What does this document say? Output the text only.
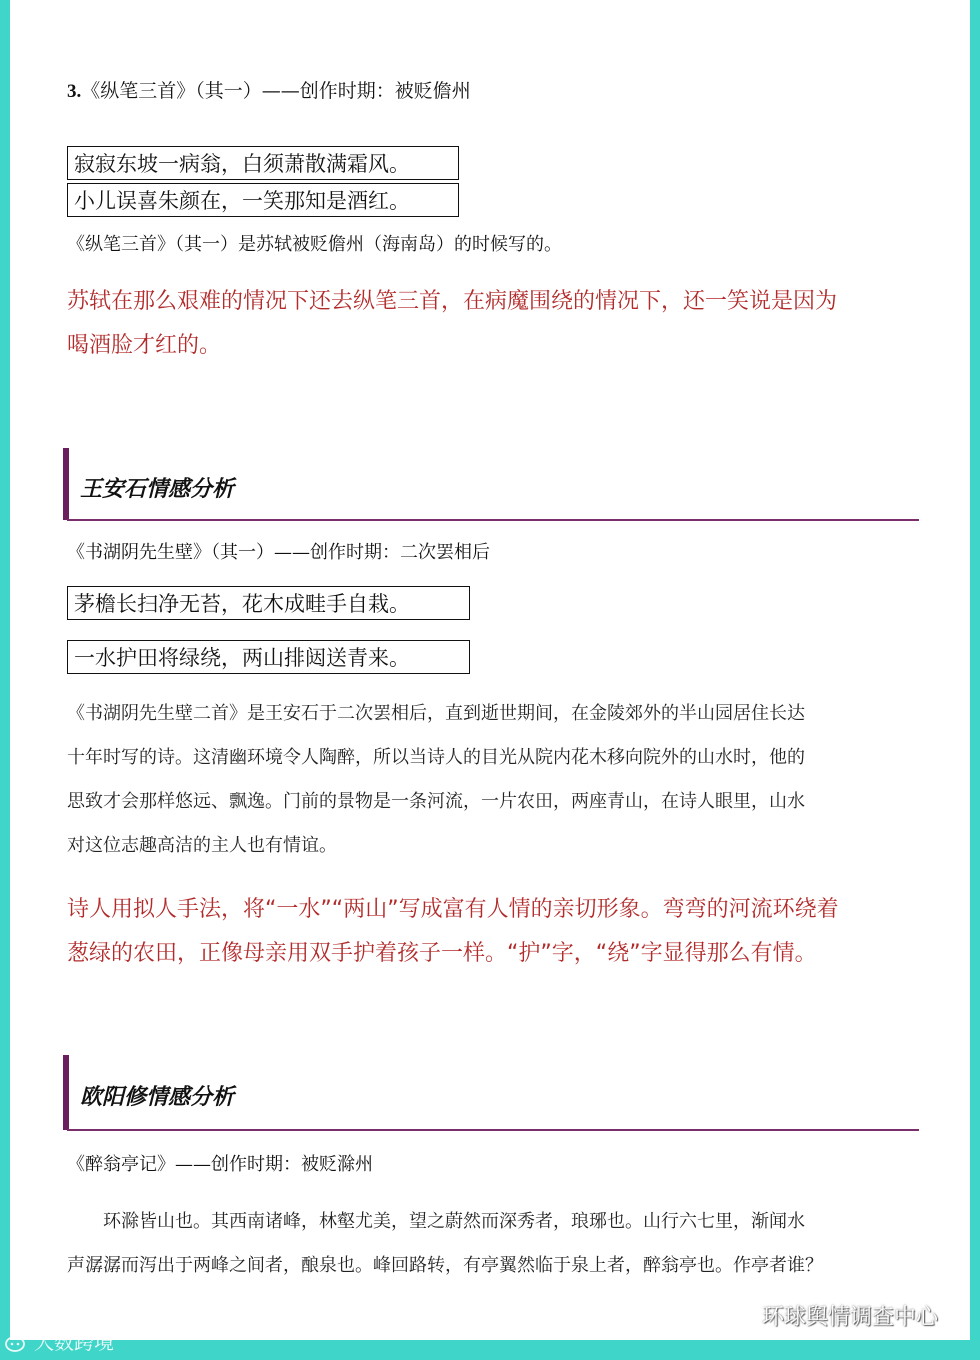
3.《纵笔三首》（其一）——创作时期：被贬儋州
寂寂东坡一病翁，白须萧散满霜风。
小儿误喜朱颜在，一笑那知是酒红。
《纵笔三首》（其一）是苏轼被贬儋州（海南岛）的时候写的。
苏轼在那么艰难的情况下还去纵笔三首，在病魔围绕的情况下，还一笑说是因为
喝酒脸才红的。
王安石情感分析
《书湖阴先生壁》（其一）——创作时期：二次罢相后
茅檐长扫净无苔，花木成畦手自栽。
一水护田将绿绕，两山排闼送青来。
《书湖阴先生壁二首》是王安石于二次罢相后，直到逝世期间，在金陵郊外的半山园居住长达
十年时写的诗。这清幽环境令人陶醉，所以当诗人的目光从院内花木移向院外的山水时，他的
思致才会那样悠远、飘逸。门前的景物是一条河流，一片农田，两座青山，在诗人眼里，山水
对这位志趣高洁的主人也有情谊。
诗人用拟人手法，将“一水”“两山”写成富有人情的亲切形象。弯弯的河流环绕着
葱绿的农田，正像母亲用双手护着孩子一样。“护”字，“绕”字显得那么有情。
欧阳修情感分析
《醉翁亭记》——创作时期：被贬滁州
环滁皆山也。其西南诸峰，林壑尤美，望之蔚然而深秀者，琅琊也。山行六七里，渐闻水
声潺潺而泻出于两峰之间者，酿泉也。峰回路转，有亭翼然临于泉上者，醉翁亭也。作亭者谁？
环球舆情调查中心
大数跨境
